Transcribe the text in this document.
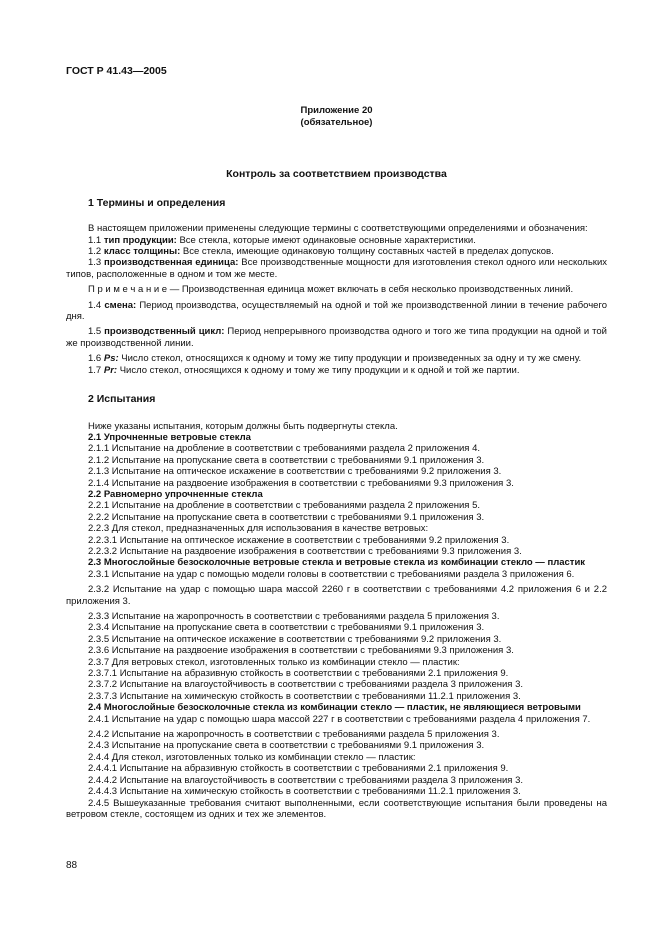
ГОСТ Р 41.43—2005
Приложение 20
(обязательное)
Контроль за соответствием производства
1 Термины и определения

В настоящем приложении применены следующие термины с соответствующими определениями и обозначения:

1.1 тип продукции: Все стекла, которые имеют одинаковые основные характеристики.

1.2 класс толщины: Все стекла, имеющие одинаковую толщину составных частей в пределах допусков.

1.3 производственная единица: Все производственные мощности для изготовления стекол одного или нескольких типов, расположенные в одном и том же месте.

П р и м е ч а н и е — Производственная единица может включать в себя несколько производственных линий.

1.4 смена: Период производства, осуществляемый на одной и той же производственной линии в течение рабочего дня.

1.5 производственный цикл: Период непрерывного производства одного и того же типа продукции на одной и той же производственной линии.

1.6 Ps: Число стекол, относящихся к одному и тому же типу продукции и произведенных за одну и ту же смену.

1.7 Pr: Число стекол, относящихся к одному и тому же типу продукции и к одной и той же партии.

2 Испытания

Ниже указаны испытания, которым должны быть подвергнуты стекла.

2.1 Упрочненные ветровые стекла

2.1.1 Испытание на дробление в соответствии с требованиями раздела 2 приложения 4.

2.1.2 Испытание на пропускание света в соответствии с требованиями 9.1 приложения 3.

2.1.3 Испытание на оптическое искажение в соответствии с требованиями 9.2 приложения 3.

2.1.4 Испытание на раздвоение изображения в соответствии с требованиями 9.3 приложения 3.

2.2 Равномерно упрочненные стекла

2.2.1 Испытание на дробление в соответствии с требованиями раздела 2 приложения 5.

2.2.2 Испытание на пропускание света в соответствии с требованиями 9.1 приложения 3.

2.2.3 Для стекол, предназначенных для использования в качестве ветровых:

2.2.3.1 Испытание на оптическое искажение в соответствии с требованиями 9.2 приложения 3.

2.2.3.2 Испытание на раздвоение изображения в соответствии с требованиями 9.3 приложения 3.

2.3 Многослойные безосколочные ветровые стекла и ветровые стекла из комбинации стекло — пластик

2.3.1 Испытание на удар с помощью модели головы в соответствии с требованиями раздела 3 приложения 6.

2.3.2 Испытание на удар с помощью шара массой 2260 г в соответствии с требованиями 4.2 приложения 6 и 2.2 приложения 3.

2.3.3 Испытание на жаропрочность в соответствии с требованиями раздела 5 приложения 3.

2.3.4 Испытание на пропускание света в соответствии с требованиями 9.1 приложения 3.

2.3.5 Испытание на оптическое искажение в соответствии с требованиями 9.2 приложения 3.

2.3.6 Испытание на раздвоение изображения в соответствии с требованиями 9.3 приложения 3.

2.3.7 Для ветровых стекол, изготовленных только из комбинации стекло — пластик:

2.3.7.1 Испытание на абразивную стойкость в соответствии с требованиями 2.1 приложения 9.

2.3.7.2 Испытание на влагоустойчивость в соответствии с требованиями раздела 3 приложения 3.

2.3.7.3 Испытание на химическую стойкость в соответствии с требованиями 11.2.1 приложения 3.

2.4 Многослойные безосколочные стекла из комбинации стекло — пластик, не являющиеся ветровыми

2.4.1 Испытание на удар с помощью шара массой 227 г в соответствии с требованиями раздела 4 приложения 7.

2.4.2 Испытание на жаропрочность в соответствии с требованиями раздела 5 приложения 3.

2.4.3 Испытание на пропускание света в соответствии с требованиями 9.1 приложения 3.

2.4.4 Для стекол, изготовленных только из комбинации стекло — пластик:

2.4.4.1 Испытание на абразивную стойкость в соответствии с требованиями 2.1 приложения 9.

2.4.4.2 Испытание на влагоустойчивость в соответствии с требованиями раздела 3 приложения 3.

2.4.4.3 Испытание на химическую стойкость в соответствии с требованиями 11.2.1 приложения 3.

2.4.5 Вышеуказанные требования считают выполненными, если соответствующие испытания были проведены на ветровом стекле, состоящем из одних и тех же элементов.

88
